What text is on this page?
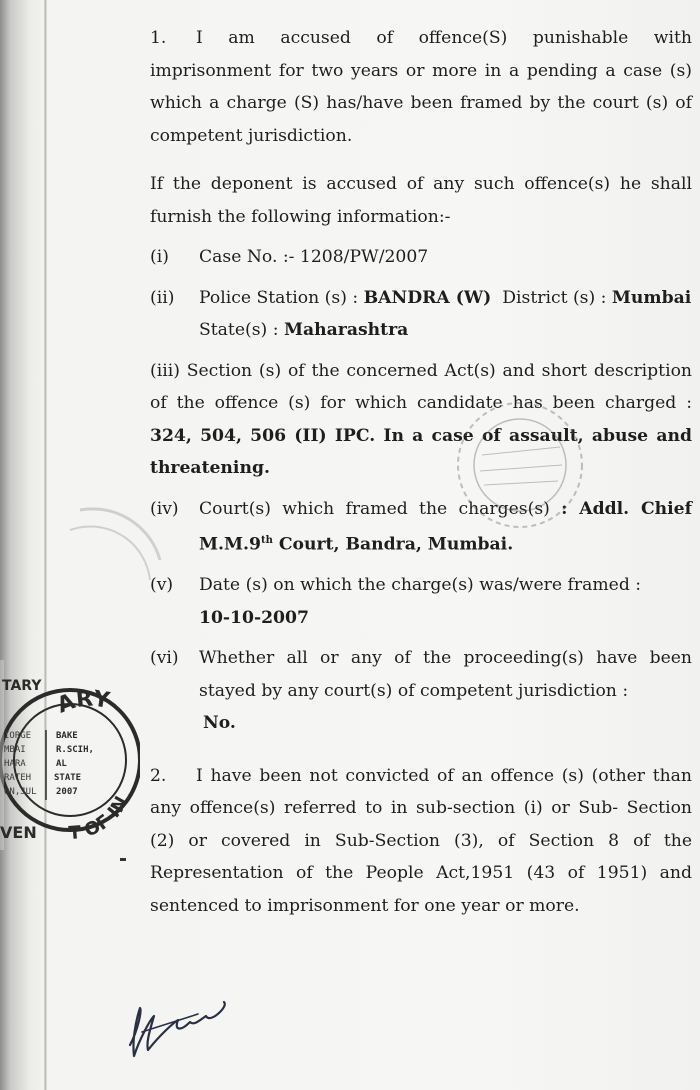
1. I am accused of offence(S) punishable with imprisonment for two years or more in a pending a case (s) which a charge (S) has/have been framed by the court (s) of competent jurisdiction.

If the deponent is accused of any such offence(s) he shall furnish the following information:-

(i) Case No. :- 1208/PW/2007
(ii) Police Station (s) : BANDRA (W)  District (s) : Mumbai
State(s) : Maharashtra
(iii) Section (s) of the concerned Act(s) and short description of the offence (s) for which candidate has been charged : 324, 504, 506 (II) IPC. In a case of assault, abuse and threatening.
(iv) Court(s) which framed the charges(s) : Addl. Chief M.M.9th Court, Bandra, Mumbai.
(v) Date (s) on which the charge(s) was/were framed :
10-10-2007
(vi) Whether all or any of the proceeding(s) have been stayed by any court(s) of competent jurisdiction :
No.

2. I have been not convicted of an offence (s) (other than any offence(s) referred to in sub-section (i) or Sub- Section (2) or covered in Sub-Section (3), of Section 8 of the Representation of the People Act,1951 (43 of 1951) and sentenced to imprisonment for one year or more.

ARY
T OF IN
BAKE
R.SCIH,
AL
STATE
2007
IORGE
MBAI
HARA
RATEH
ON,JUL
TARY
VEN
